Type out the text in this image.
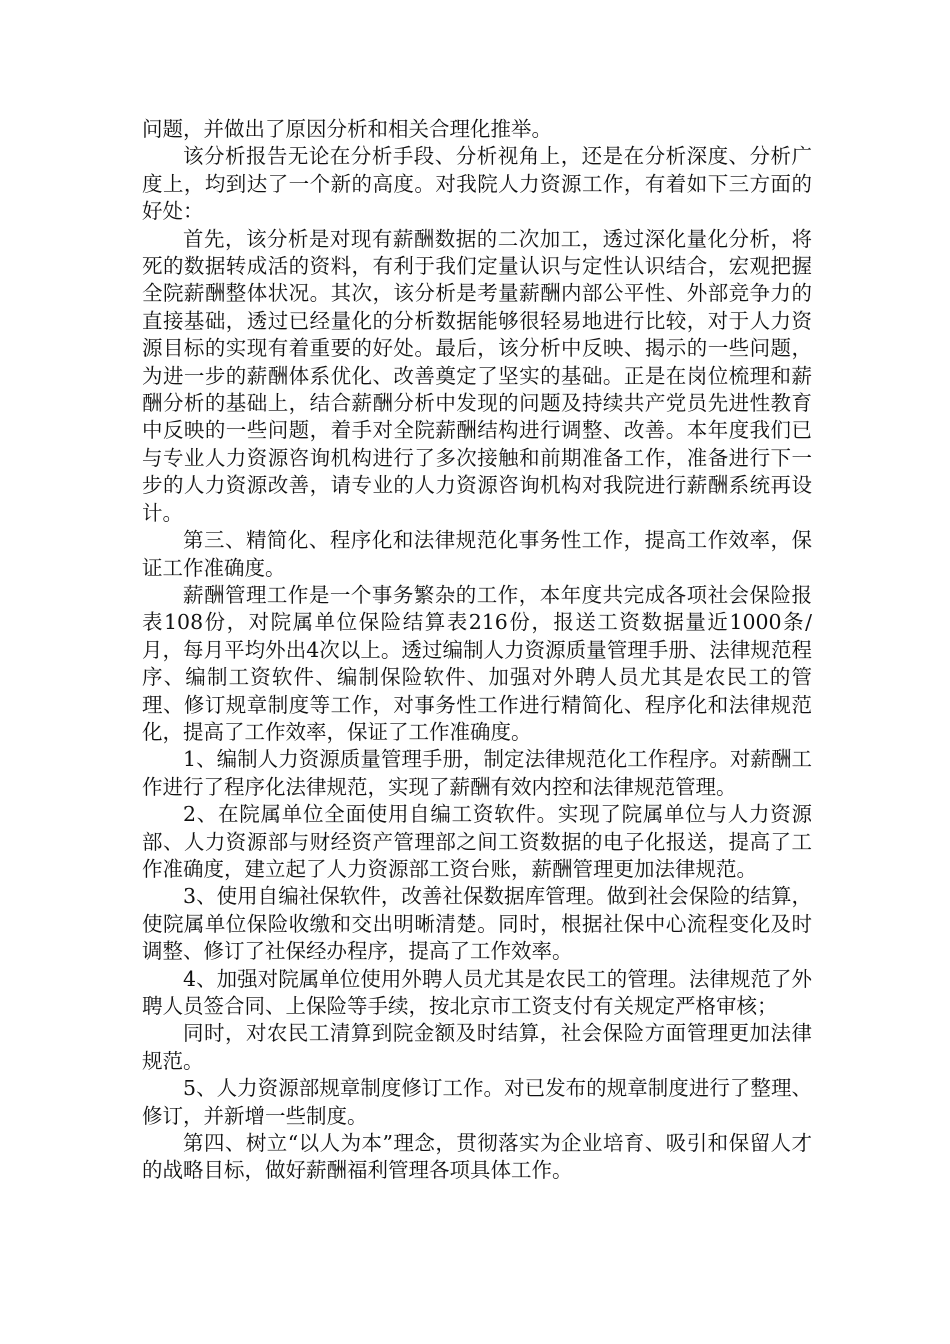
问题，并做出了原因分析和相关合理化推举。

该分析报告无论在分析手段、分析视角上，还是在分析深度、分析广度上，均到达了一个新的高度。对我院人力资源工作，有着如下三方面的好处：

首先，该分析是对现有薪酬数据的二次加工，透过深化量化分析，将死的数据转成活的资料，有利于我们定量认识与定性认识结合，宏观把握全院薪酬整体状况。其次，该分析是考量薪酬内部公平性、外部竞争力的直接基础，透过已经量化的分析数据能够很轻易地进行比较，对于人力资源目标的实现有着重要的好处。最后，该分析中反映、揭示的一些问题，为进一步的薪酬体系优化、改善奠定了坚实的基础。正是在岗位梳理和薪酬分析的基础上，结合薪酬分析中发现的问题及持续共产党员先进性教育中反映的一些问题，着手对全院薪酬结构进行调整、改善。本年度我们已与专业人力资源咨询机构进行了多次接触和前期准备工作，准备进行下一步的人力资源改善，请专业的人力资源咨询机构对我院进行薪酬系统再设计。

第三、精简化、程序化和法律规范化事务性工作，提高工作效率，保证工作准确度。

薪酬管理工作是一个事务繁杂的工作，本年度共完成各项社会保险报表108份，对院属单位保险结算表216份，报送工资数据量近1000条/月，每月平均外出4次以上。透过编制人力资源质量管理手册、法律规范程序、编制工资软件、编制保险软件、加强对外聘人员尤其是农民工的管理、修订规章制度等工作，对事务性工作进行精简化、程序化和法律规范化，提高了工作效率，保证了工作准确度。

1、编制人力资源质量管理手册，制定法律规范化工作程序。对薪酬工作进行了程序化法律规范，实现了薪酬有效内控和法律规范管理。

2、在院属单位全面使用自编工资软件。实现了院属单位与人力资源部、人力资源部与财经资产管理部之间工资数据的电子化报送，提高了工作准确度，建立起了人力资源部工资台账，薪酬管理更加法律规范。

3、使用自编社保软件，改善社保数据库管理。做到社会保险的结算，使院属单位保险收缴和交出明晰清楚。同时，根据社保中心流程变化及时调整、修订了社保经办程序，提高了工作效率。

4、加强对院属单位使用外聘人员尤其是农民工的管理。法律规范了外聘人员签合同、上保险等手续，按北京市工资支付有关规定严格审核；

同时，对农民工清算到院金额及时结算，社会保险方面管理更加法律规范。

5、人力资源部规章制度修订工作。对已发布的规章制度进行了整理、修订，并新增一些制度。

第四、树立“以人为本”理念，贯彻落实为企业培育、吸引和保留人才的战略目标，做好薪酬福利管理各项具体工作。
